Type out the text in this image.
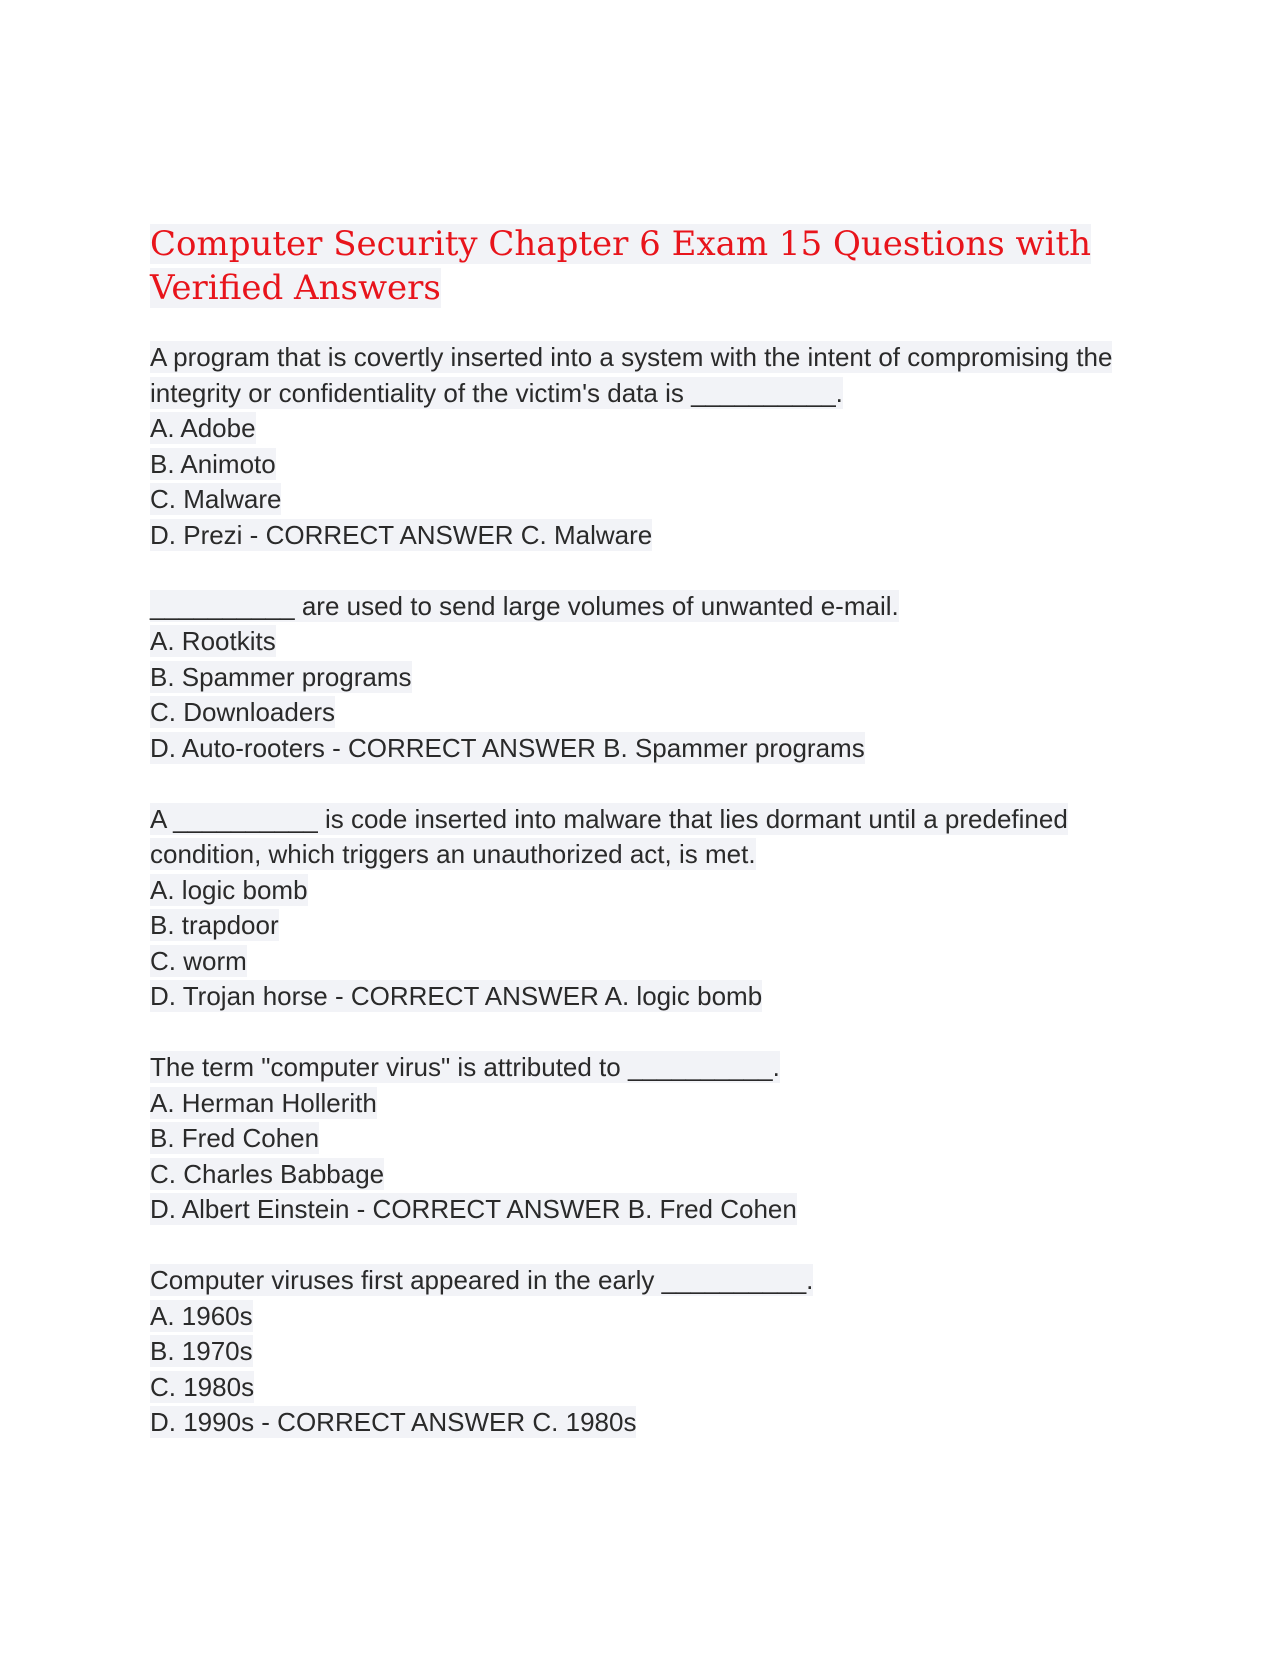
Computer Security Chapter 6 Exam 15 Questions with Verified Answers
A program that is covertly inserted into a system with the intent of compromising the integrity or confidentiality of the victim's data is __________.
A. Adobe
B. Animoto
C. Malware
D. Prezi - CORRECT ANSWER C. Malware
__________ are used to send large volumes of unwanted e-mail.
A. Rootkits
B. Spammer programs
C. Downloaders
D. Auto-rooters - CORRECT ANSWER B. Spammer programs
A __________ is code inserted into malware that lies dormant until a predefined condition, which triggers an unauthorized act, is met.
A. logic bomb
B. trapdoor
C. worm
D. Trojan horse - CORRECT ANSWER A. logic bomb
The term "computer virus" is attributed to __________.
A. Herman Hollerith
B. Fred Cohen
C. Charles Babbage
D. Albert Einstein - CORRECT ANSWER B. Fred Cohen
Computer viruses first appeared in the early __________.
A. 1960s
B. 1970s
C. 1980s
D. 1990s - CORRECT ANSWER C. 1980s
